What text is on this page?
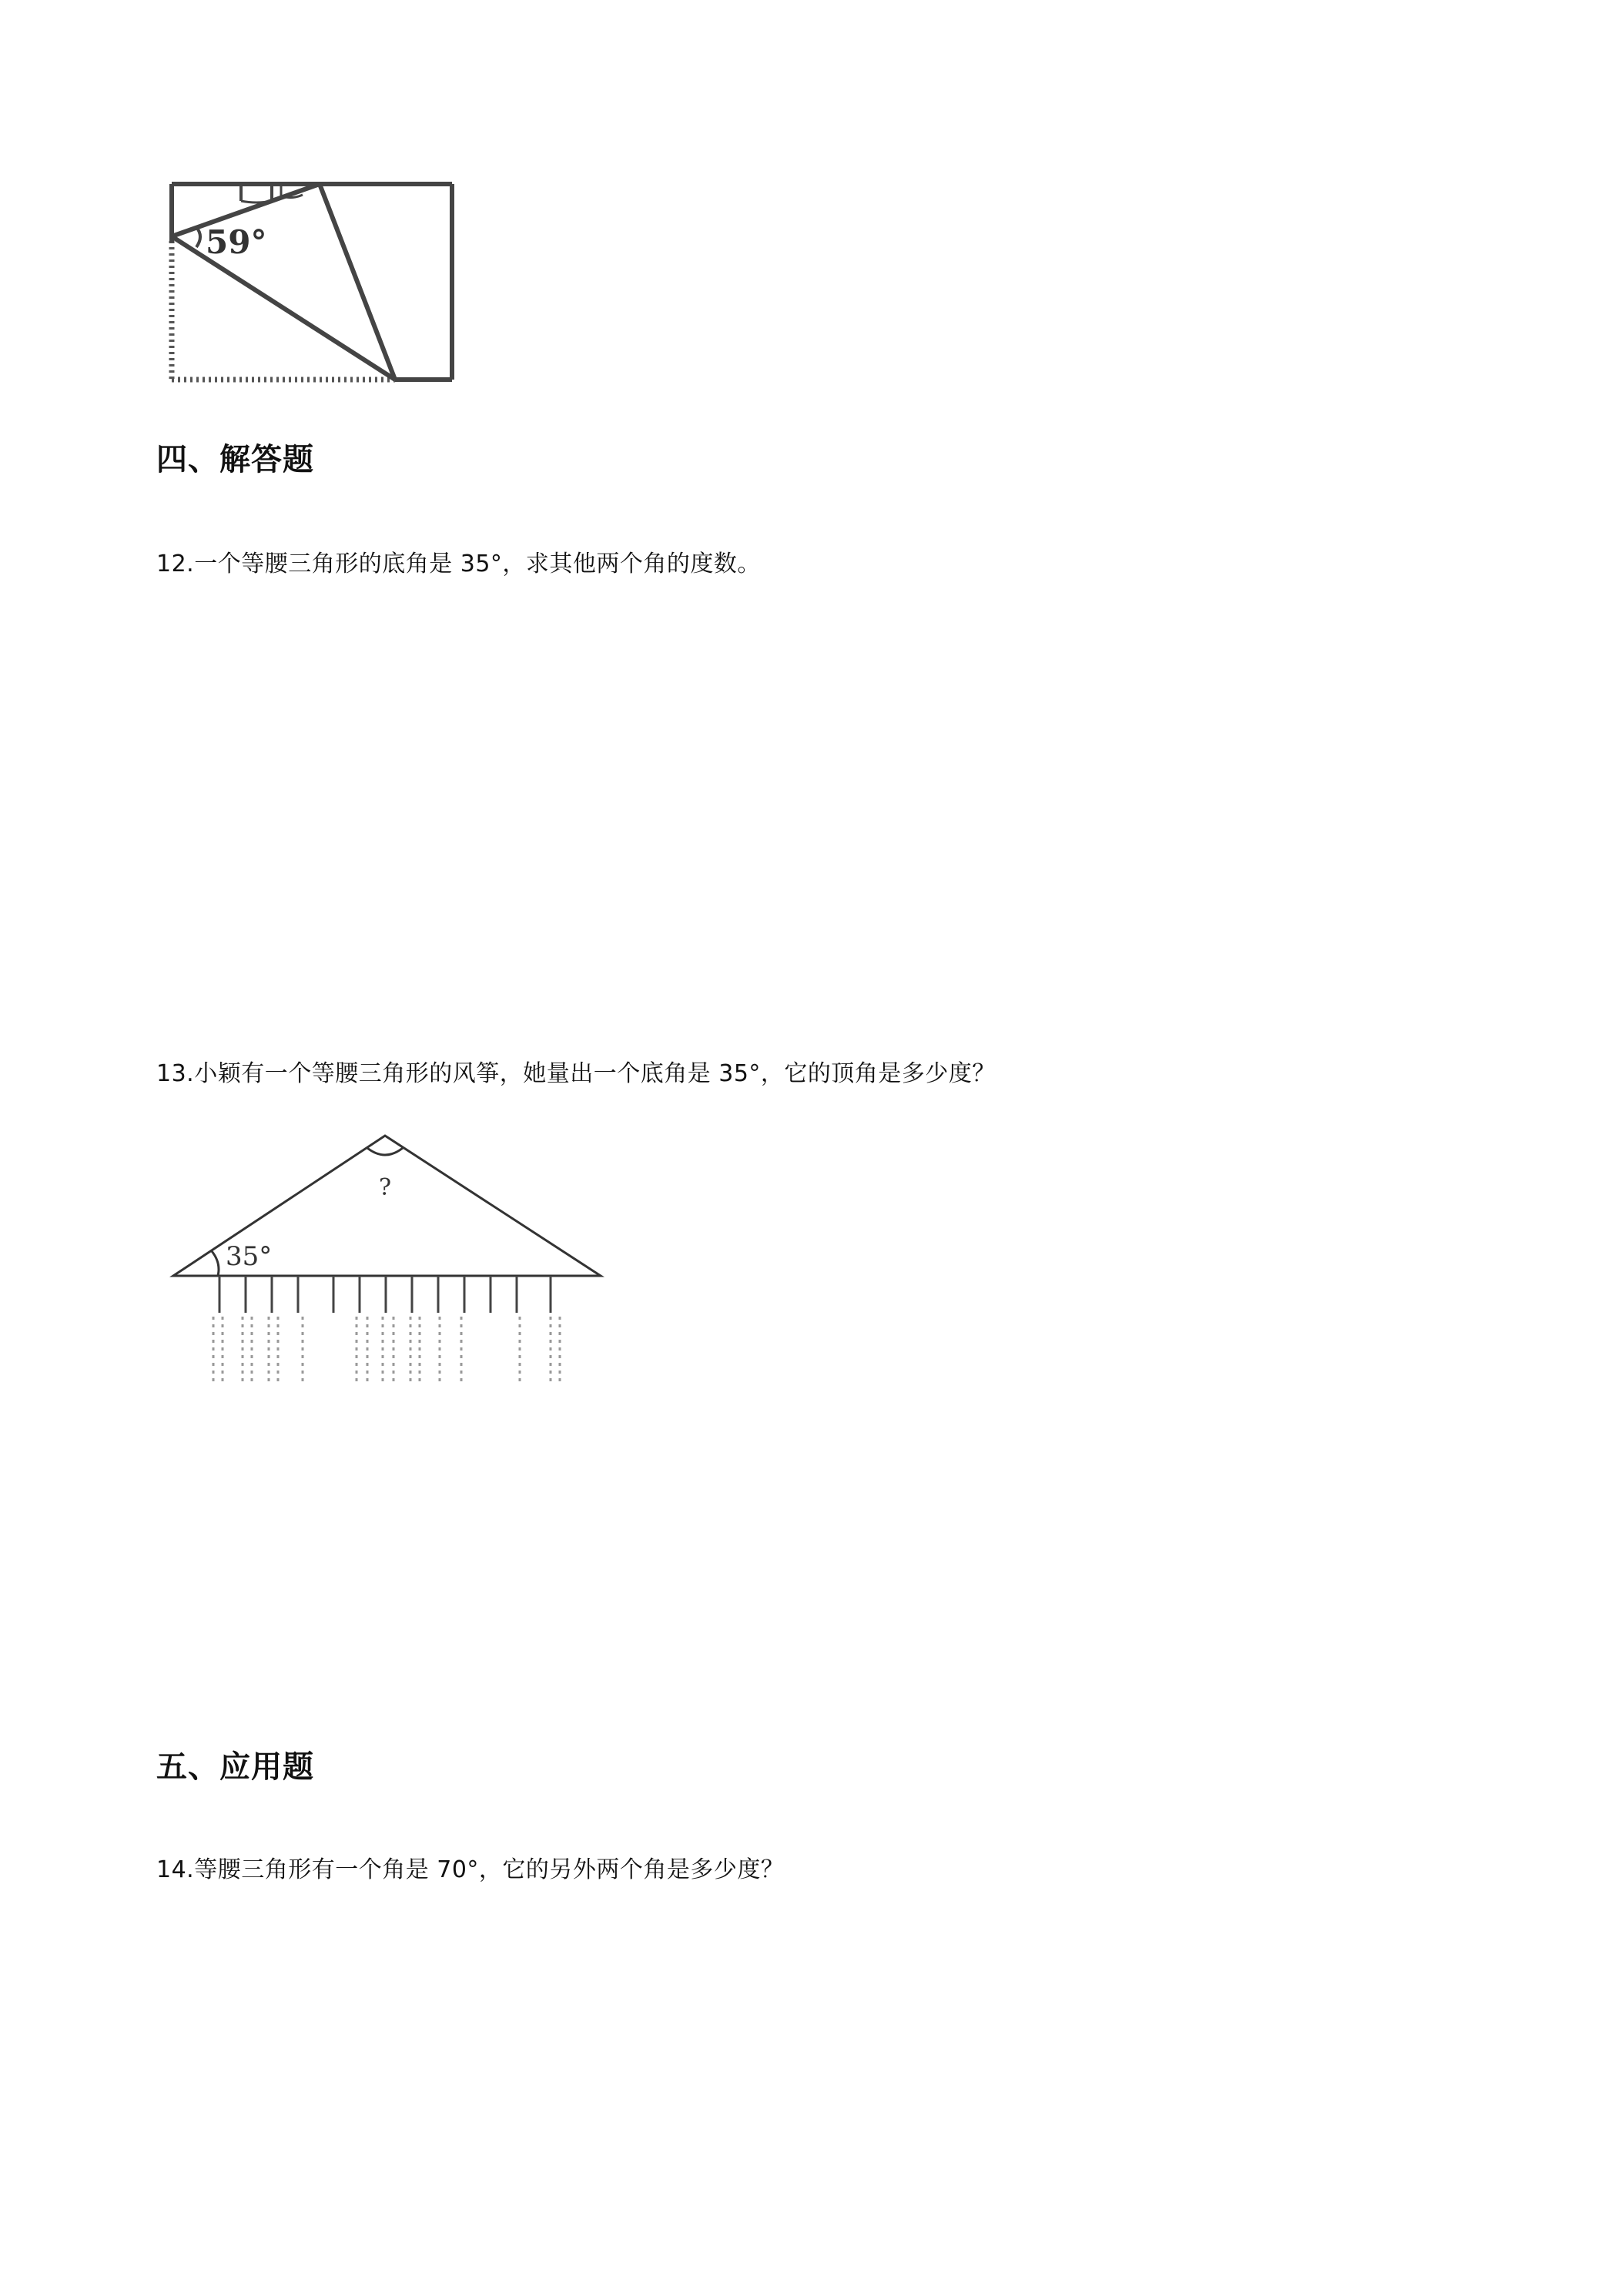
59°
四、解答题
12.一个等腰三角形的底角是 35°，求其他两个角的度数。
13.小颖有一个等腰三角形的风筝，她量出一个底角是 35°，它的顶角是多少度？
?
35°
五、应用题
14.等腰三角形有一个角是 70°，它的另外两个角是多少度？
